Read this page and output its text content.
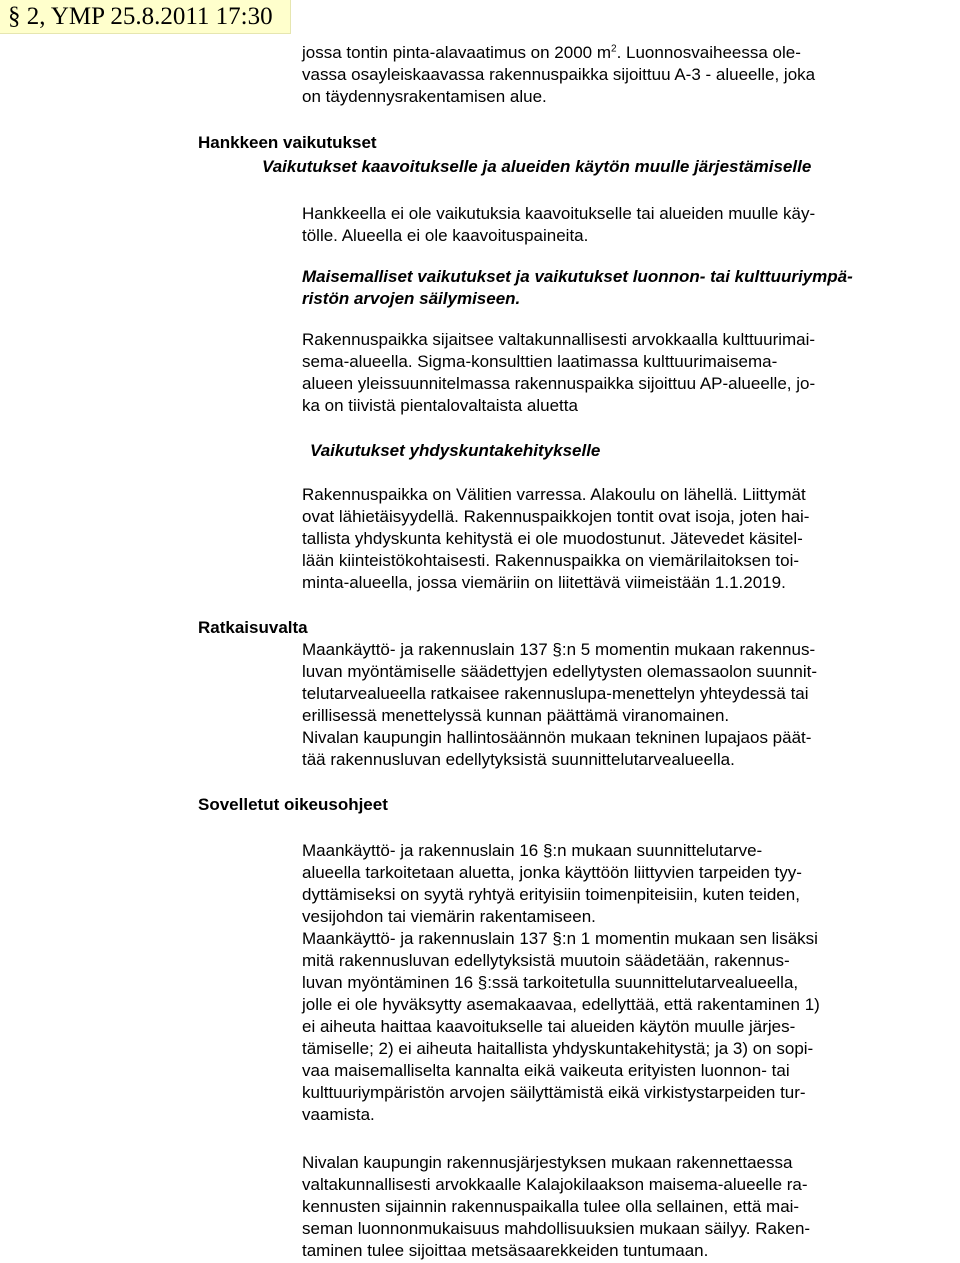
§ 2, YMP 25.8.2011 17:30
jossa tontin pinta-alavaatimus on 2000 $m^2$. Luonnosvaiheessa ole-
vassa osayleiskaavassa rakennuspaikka sijoittuu A-3 - alueelle, joka
on täydennysrakentamisen alue.
Hankkeen vaikutukset
Vaikutukset kaavoitukselle ja alueiden käytön muulle järjestämiselle
Hankkeella ei ole vaikutuksia kaavoitukselle tai alueiden muulle käy-
tölle. Alueella ei ole kaavoituspaineita.
Maisemalliset vaikutukset ja vaikutukset luonnon- tai kulttuuriympä-
ristön arvojen säilymiseen.
Rakennuspaikka sijaitsee valtakunnallisesti arvokkaalla kulttuurimai-
sema-alueella. Sigma-konsulttien laatimassa kulttuurimaisema-
alueen yleissuunnitelmassa rakennuspaikka sijoittuu AP-alueelle, jo-
ka on tiivistä pientalovaltaista aluetta
Vaikutukset yhdyskuntakehitykselle
Rakennuspaikka on Välitien varressa. Alakoulu on lähellä. Liittymät
ovat lähietäisyydellä. Rakennuspaikkojen tontit ovat isoja, joten hai-
tallista yhdyskunta kehitystä ei ole muodostunut. Jätevedet käsitel-
lään kiinteistökohtaisesti. Rakennuspaikka on viemärilaitoksen toi-
minta-alueella, jossa viemäriin on liitettävä viimeistään 1.1.2019.
Ratkaisuvalta
Maankäyttö- ja rakennuslain 137 §:n 5 momentin mukaan rakennus-
luvan myöntämiselle säädettyjen edellytysten olemassaolon suunnit-
telutarvealueella ratkaisee rakennuslupa-menettelyn yhteydessä tai
erillisessä menettelyssä kunnan päättämä viranomainen.
Nivalan kaupungin hallintosäännön mukaan tekninen lupajaos päät-
tää rakennusluvan edellytyksistä suunnittelutarvealueella.
Sovelletut oikeusohjeet
Maankäyttö- ja rakennuslain 16 §:n mukaan suunnittelutarve-
alueella tarkoitetaan aluetta, jonka käyttöön liittyvien tarpeiden tyy-
dyttämiseksi on syytä ryhtyä erityisiin toimenpiteisiin, kuten teiden,
vesijohdon tai viemärin rakentamiseen.
Maankäyttö- ja rakennuslain 137 §:n 1 momentin mukaan sen lisäksi
mitä rakennusluvan edellytyksistä muutoin säädetään, rakennus-
luvan myöntäminen 16 §:ssä tarkoitetulla suunnittelutarvealueella,
jolle ei ole hyväksytty asemakaavaa, edellyttää, että rakentaminen 1)
ei aiheuta haittaa kaavoitukselle tai alueiden käytön muulle järjes-
tämiselle; 2) ei aiheuta haitallista yhdyskuntakehitystä; ja 3) on sopi-
vaa maisemalliselta kannalta eikä vaikeuta erityisten luonnon- tai
kulttuuriympäristön arvojen säilyttämistä eikä virkistystarpeiden tur-
vaamista.
Nivalan kaupungin rakennusjärjestyksen mukaan rakennettaessa
valtakunnallisesti arvokkaalle Kalajokilaakson maisema-alueelle ra-
kennusten sijainnin rakennuspaikalla tulee olla sellainen, että mai-
seman luonnonmukaisuus mahdollisuuksien mukaan säilyy. Raken-
taminen tulee sijoittaa metsäsaarekkeiden tuntumaan.
